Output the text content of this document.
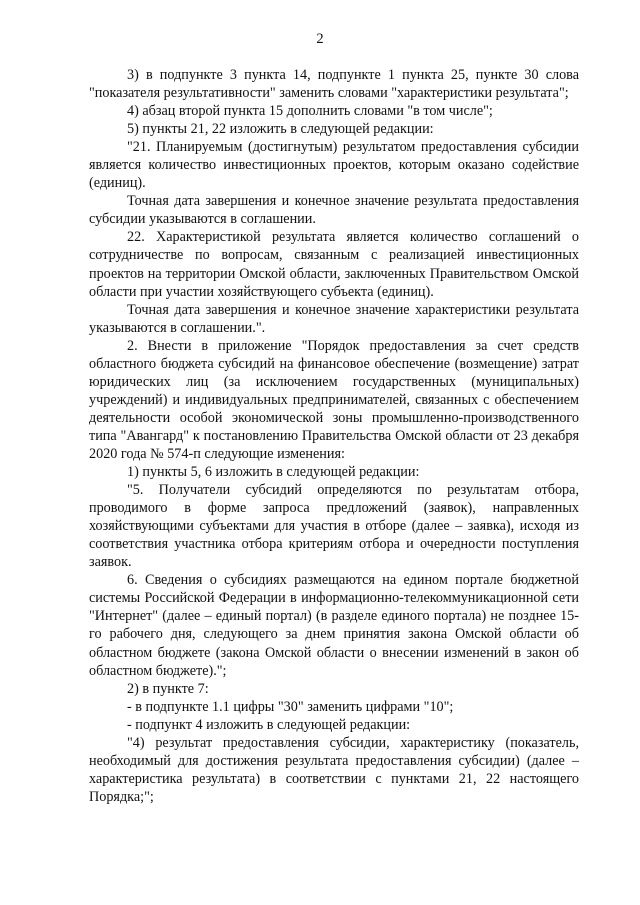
2

3) в подпункте 3 пункта 14, подпункте 1 пункта 25, пункте 30 слова "показателя результативности" заменить словами "характеристики результата";

4) абзац второй пункта 15 дополнить словами "в том числе";

5) пункты 21, 22 изложить в следующей редакции:

"21. Планируемым (достигнутым) результатом предоставления субсидии является количество инвестиционных проектов, которым оказано содействие (единиц).

Точная дата завершения и конечное значение результата предоставления субсидии указываются в соглашении.

22. Характеристикой результата является количество соглашений о сотрудничестве по вопросам, связанным с реализацией инвестиционных проектов на территории Омской области, заключенных Правительством Омской области при участии хозяйствующего субъекта (единиц).

Точная дата завершения и конечное значение характеристики результата указываются в соглашении.".

2. Внести в приложение "Порядок предоставления за счет средств областного бюджета субсидий на финансовое обеспечение (возмещение) затрат юридических лиц (за исключением государственных (муниципальных) учреждений) и индивидуальных предпринимателей, связанных с обеспечением деятельности особой экономической зоны промышленно-производственного типа "Авангард" к постановлению Правительства Омской области от 23 декабря 2020 года № 574-п следующие изменения:

1) пункты 5, 6 изложить в следующей редакции:

"5. Получатели субсидий определяются по результатам отбора, проводимого в форме запроса предложений (заявок), направленных хозяйствующими субъектами для участия в отборе (далее – заявка), исходя из соответствия участника отбора критериям отбора и очередности поступления заявок.

6. Сведения о субсидиях размещаются на едином портале бюджетной системы Российской Федерации в информационно-телекоммуникационной сети "Интернет" (далее – единый портал) (в разделе единого портала) не позднее 15-го рабочего дня, следующего за днем принятия закона Омской области об областном бюджете (закона Омской области о внесении изменений в закон об областном бюджете).";

2) в пункте 7:

- в подпункте 1.1 цифры "30" заменить цифрами "10";

- подпункт 4 изложить в следующей редакции:

"4) результат предоставления субсидии, характеристику (показатель, необходимый для достижения результата предоставления субсидии) (далее – характеристика результата) в соответствии с пунктами 21, 22 настоящего Порядка;";
